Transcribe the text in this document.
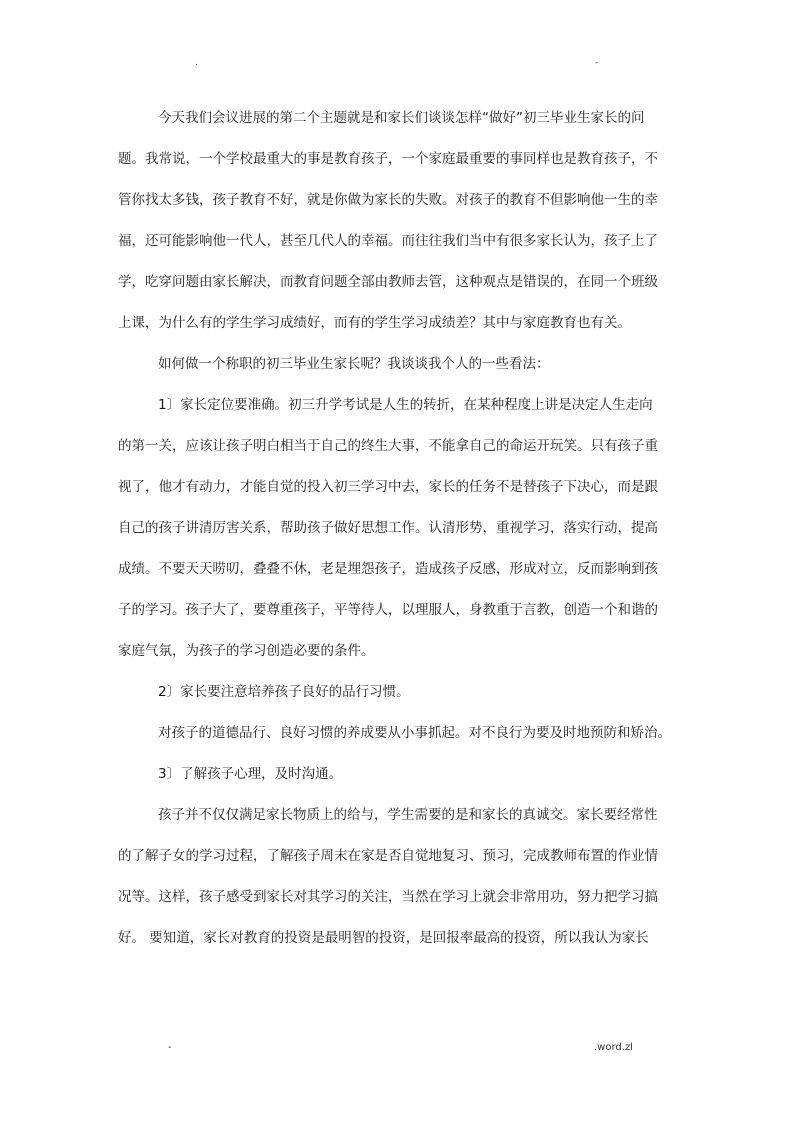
.	-
今天我们会议进展的第二个主题就是和家长们谈谈怎样“做好”初三毕业生家长的问
题。我常说，一个学校最重大的事是教育孩子，一个家庭最重要的事同样也是教育孩子，不
管你找太多钱，孩子教育不好，就是你做为家长的失败。对孩子的教育不但影响他一生的幸
福，还可能影响他一代人，甚至几代人的幸福。而往往我们当中有很多家长认为，孩子上了
学，吃穿问题由家长解决，而教育问题全部由教师去管，这种观点是错误的，在同一个班级
上课，为什么有的学生学习成绩好，而有的学生学习成绩差？其中与家庭教育也有关。
如何做一个称职的初三毕业生家长呢？我谈谈我个人的一些看法：
1〕家长定位要准确。初三升学考试是人生的转折，在某种程度上讲是决定人生走向
的第一关，应该让孩子明白相当于自己的终生大事，不能拿自己的命运开玩笑。只有孩子重
视了，他才有动力，才能自觉的投入初三学习中去，家长的任务不是替孩子下决心，而是跟
自己的孩子讲清厉害关系，帮助孩子做好思想工作。认清形势，重视学习，落实行动，提高
成绩。不要天天唠叨，叠叠不休，老是埋怨孩子，造成孩子反感，形成对立，反而影响到孩
子的学习。孩子大了，要尊重孩子，平等待人，以理服人，身教重于言教，创造一个和谐的
家庭气氛，为孩子的学习创造必要的条件。
2〕家长要注意培养孩子良好的品行习惯。
对孩子的道德品行、良好习惯的养成要从小事抓起。对不良行为要及时地预防和矫治。
3〕了解孩子心理，及时沟通。
孩子并不仅仅满足家长物质上的给与，学生需要的是和家长的真诚交。家长要经常性
的了解子女的学习过程，了解孩子周末在家是否自觉地复习、预习，完成教师布置的作业情
况等。这样，孩子感受到家长对其学习的关注，当然在学习上就会非常用功，努力把学习搞
好。 要知道，家长对教育的投资是最明智的投资，是回报率最高的投资，所以我认为家长
-	.word.zl
